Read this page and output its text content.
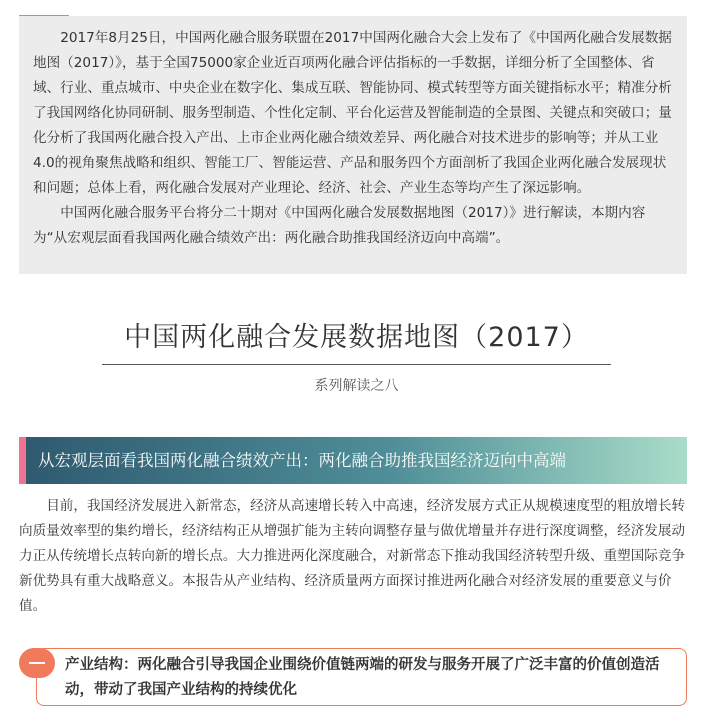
2017年8月25日，中国两化融合服务联盟在2017中国两化融合大会上发布了《中国两化融合发展数据地图（2017）》，基于全国75000家企业近百项两化融合评估指标的一手数据，详细分析了全国整体、省域、行业、重点城市、中央企业在数字化、集成互联、智能协同、模式转型等方面关键指标水平；精准分析了我国网络化协同研制、服务型制造、个性化定制、平台化运营及智能制造的全景图、关键点和突破口；量化分析了我国两化融合投入产出、上市企业两化融合绩效差异、两化融合对技术进步的影响等；并从工业4.0的视角聚焦战略和组织、智能工厂、智能运营、产品和服务四个方面剖析了我国企业两化融合发展现状和问题；总体上看，两化融合发展对产业理论、经济、社会、产业生态等均产生了深远影响。

中国两化融合服务平台将分二十期对《中国两化融合发展数据地图（2017）》进行解读，本期内容为“从宏观层面看我国两化融合绩效产出：两化融合助推我国经济迈向中高端”。

中国两化融合发展数据地图（2017）
系列解读之八
从宏观层面看我国两化融合绩效产出：两化融合助推我国经济迈向中高端

目前，我国经济发展进入新常态，经济从高速增长转入中高速，经济发展方式正从规模速度型的粗放增长转向质量效率型的集约增长，经济结构正从增强扩能为主转向调整存量与做优增量并存进行深度调整，经济发展动力正从传统增长点转向新的增长点。大力推进两化深度融合，对新常态下推动我国经济转型升级、重塑国际竞争新优势具有重大战略意义。本报告从产业结构、经济质量两方面探讨推进两化融合对经济发展的重要意义与价值。

产业结构：两化融合引导我国企业围绕价值链两端的研发与服务开展了广泛丰富的价值创造活动，带动了我国产业结构的持续优化
